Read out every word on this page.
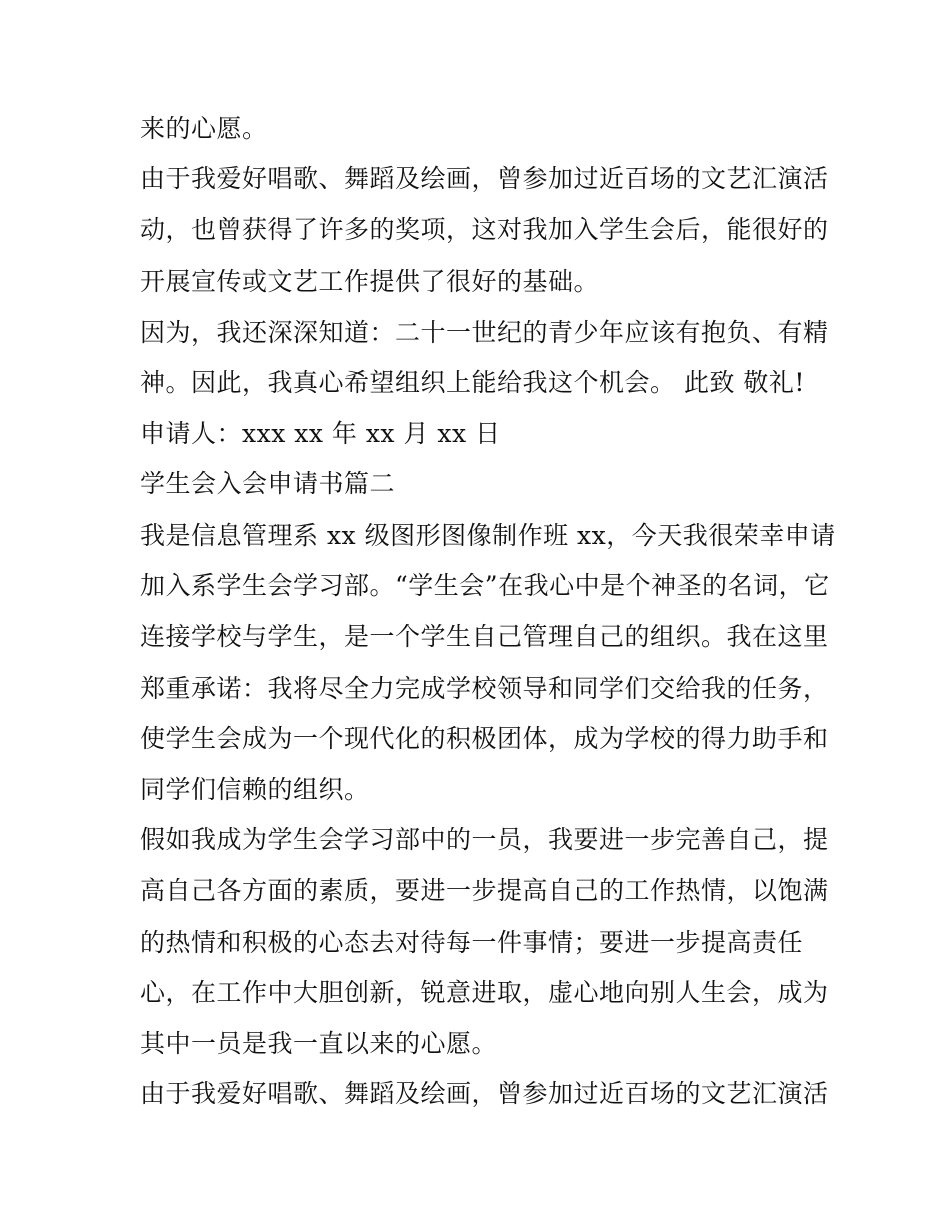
来的心愿。
由于我爱好唱歌、舞蹈及绘画，曾参加过近百场的文艺汇演活
动，也曾获得了许多的奖项，这对我加入学生会后，能很好的
开展宣传或文艺工作提供了很好的基础。
因为，我还深深知道：二十一世纪的青少年应该有抱负、有精
神。因此，我真心希望组织上能给我这个机会。 此致 敬礼!
申请人：xxx xx 年 xx 月 xx 日
学生会入会申请书篇二
我是信息管理系 xx 级图形图像制作班 xx，今天我很荣幸申请
加入系学生会学习部。“学生会”在我心中是个神圣的名词，它
连接学校与学生，是一个学生自己管理自己的组织。我在这里
郑重承诺：我将尽全力完成学校领导和同学们交给我的任务，
使学生会成为一个现代化的积极团体，成为学校的得力助手和
同学们信赖的组织。
假如我成为学生会学习部中的一员，我要进一步完善自己，提
高自己各方面的素质，要进一步提高自己的工作热情，以饱满
的热情和积极的心态去对待每一件事情；要进一步提高责任
心，在工作中大胆创新，锐意进取，虚心地向别人生会，成为
其中一员是我一直以来的心愿。
由于我爱好唱歌、舞蹈及绘画，曾参加过近百场的文艺汇演活
